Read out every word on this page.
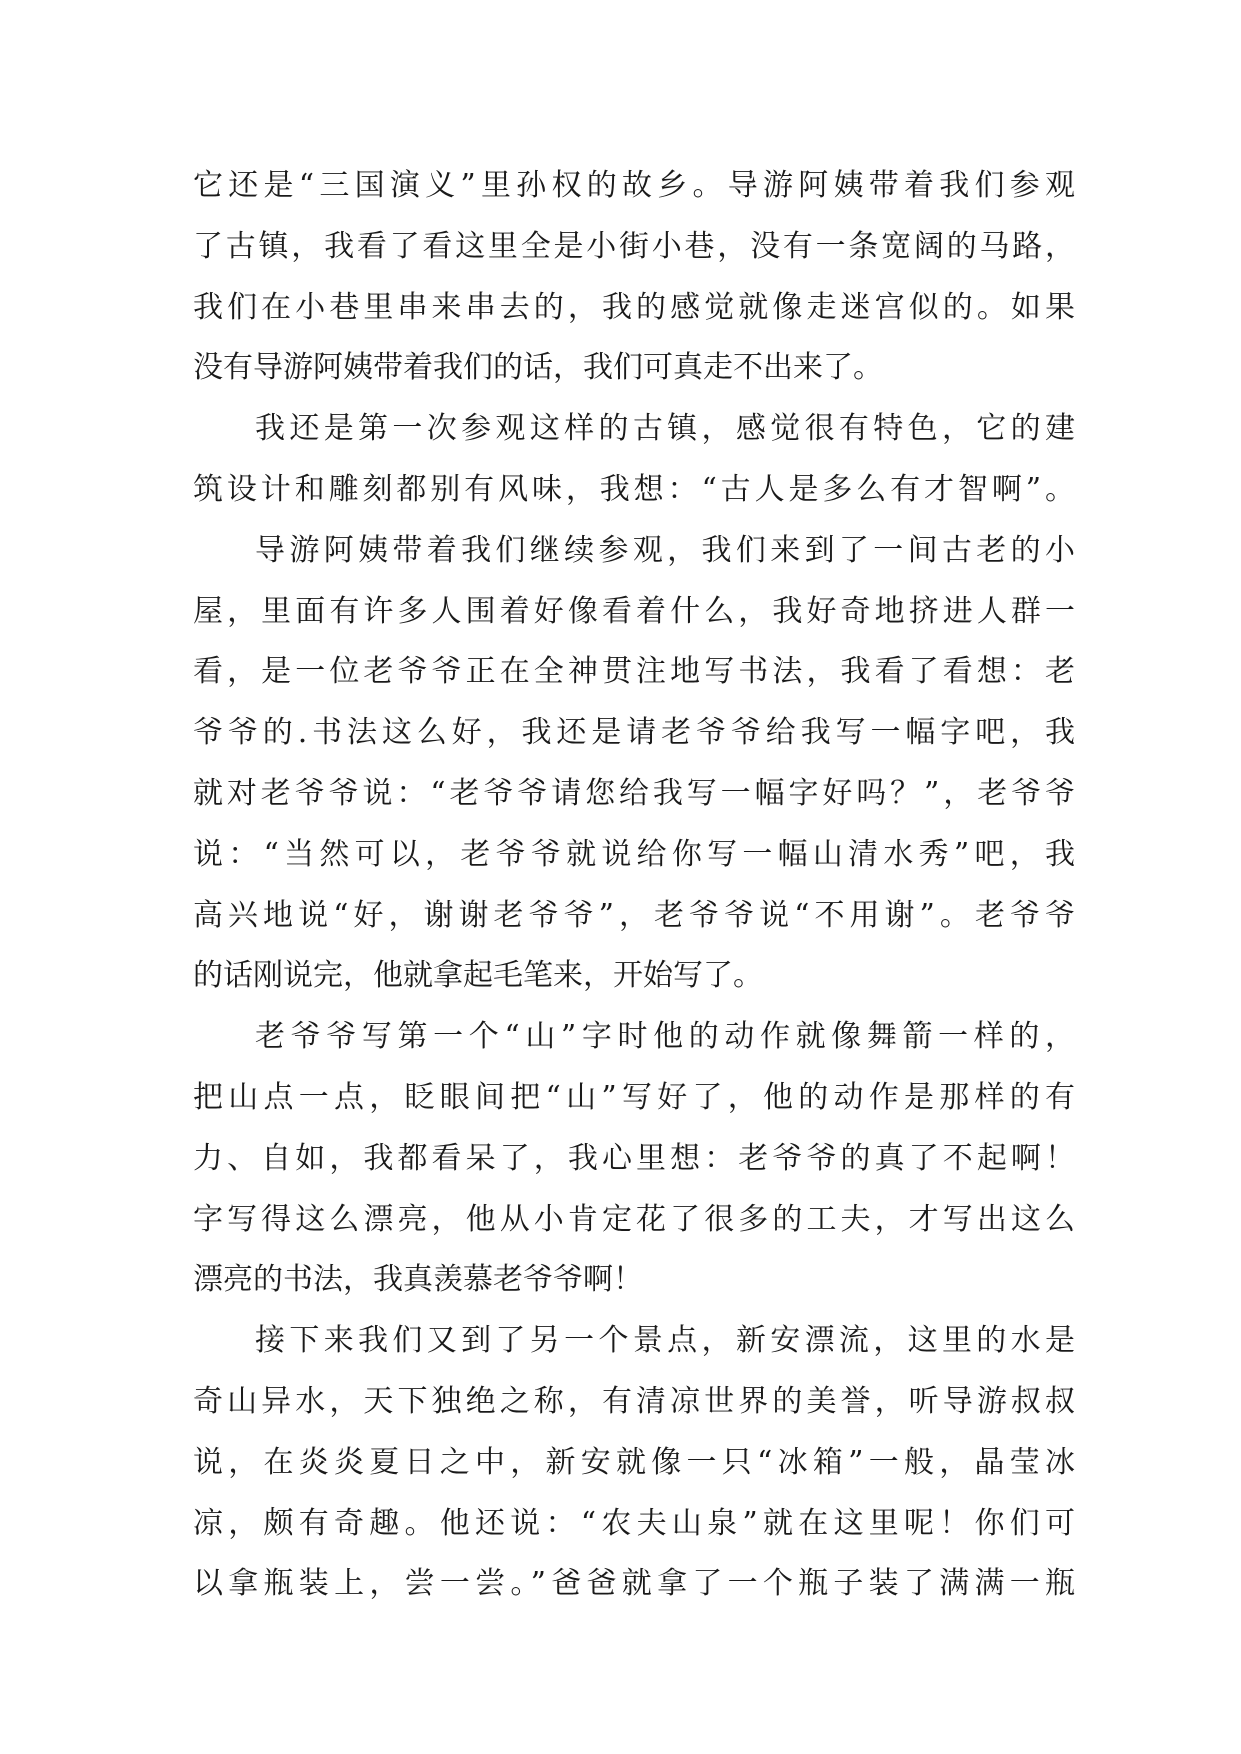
它还是“三国演义”里孙权的故乡。导游阿姨带着我们参观
了古镇，我看了看这里全是小街小巷，没有一条宽阔的马路，
我们在小巷里串来串去的，我的感觉就像走迷宫似的。如果
没有导游阿姨带着我们的话，我们可真走不出来了。
我还是第一次参观这样的古镇，感觉很有特色，它的建
筑设计和雕刻都别有风味，我想：“古人是多么有才智啊”。
导游阿姨带着我们继续参观，我们来到了一间古老的小
屋，里面有许多人围着好像看着什么，我好奇地挤进人群一
看，是一位老爷爷正在全神贯注地写书法，我看了看想：老
爷爷的.书法这么好，我还是请老爷爷给我写一幅字吧，我
就对老爷爷说：“老爷爷请您给我写一幅字好吗？”，老爷爷
说：“当然可以，老爷爷就说给你写一幅山清水秀”吧，我
高兴地说“好，谢谢老爷爷”，老爷爷说“不用谢”。老爷爷
的话刚说完，他就拿起毛笔来，开始写了。
老爷爷写第一个“山”字时他的动作就像舞箭一样的，
把山点一点，眨眼间把“山”写好了，他的动作是那样的有
力、自如，我都看呆了，我心里想：老爷爷的真了不起啊！
字写得这么漂亮，他从小肯定花了很多的工夫，才写出这么
漂亮的书法，我真羡慕老爷爷啊！
接下来我们又到了另一个景点，新安漂流，这里的水是
奇山异水，天下独绝之称，有清凉世界的美誉，听导游叔叔
说，在炎炎夏日之中，新安就像一只“冰箱”一般，晶莹冰
凉，颇有奇趣。他还说：“农夫山泉”就在这里呢！你们可
以拿瓶装上，尝一尝。”爸爸就拿了一个瓶子装了满满一瓶
